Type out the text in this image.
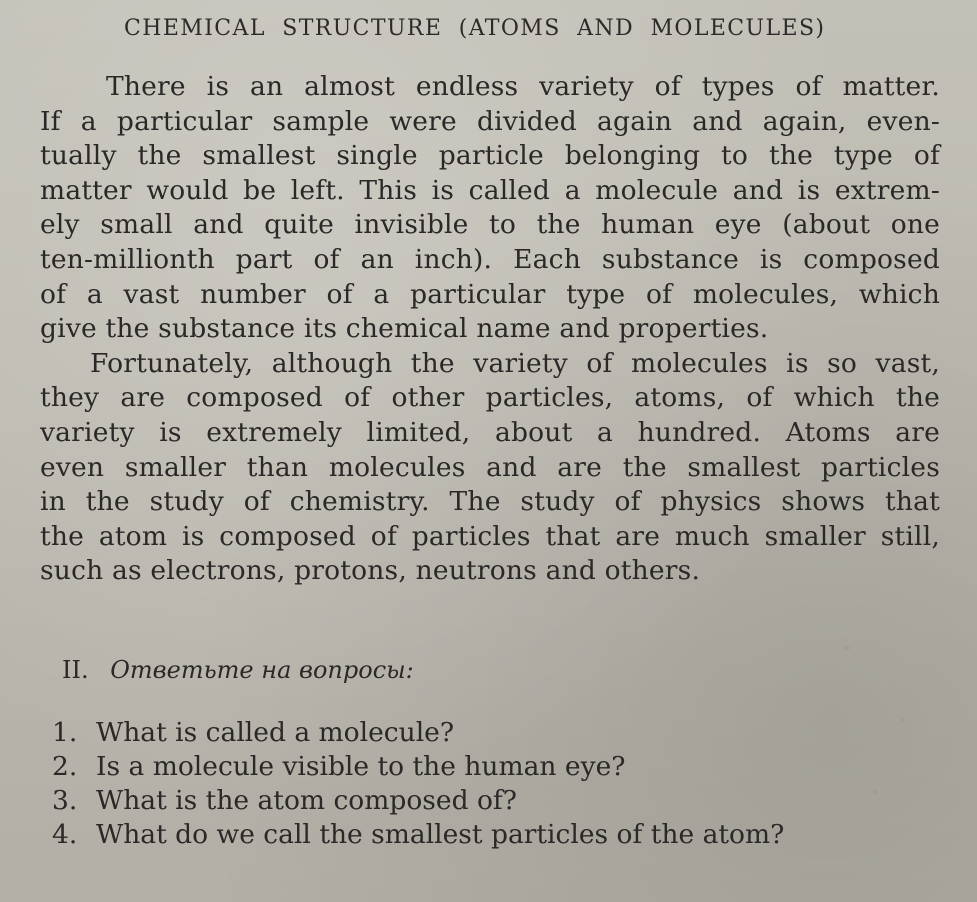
CHEMICAL STRUCTURE (ATOMS AND MOLECULES)
There is an almost endless variety of types of matter.
If a particular sample were divided again and again, even-
tually the smallest single particle belonging to the type of
matter would be left. This is called a molecule and is extrem-
ely small and quite invisible to the human eye (about one
ten-millionth part of an inch). Each substance is composed
of a vast number of a particular type of molecules, which
give the substance its chemical name and properties.
Fortunately, although the variety of molecules is so vast,
they are composed of other particles, atoms, of which the
variety is extremely limited, about a hundred. Atoms are
even smaller than molecules and are the smallest particles
in the study of chemistry. The study of physics shows that
the atom is composed of particles that are much smaller still,
such as electrons, protons, neutrons and others.
II. Ответьте на вопросы:
1. What is called a molecule?
2. Is a molecule visible to the human eye?
3. What is the atom composed of?
4. What do we call the smallest particles of the atom?
